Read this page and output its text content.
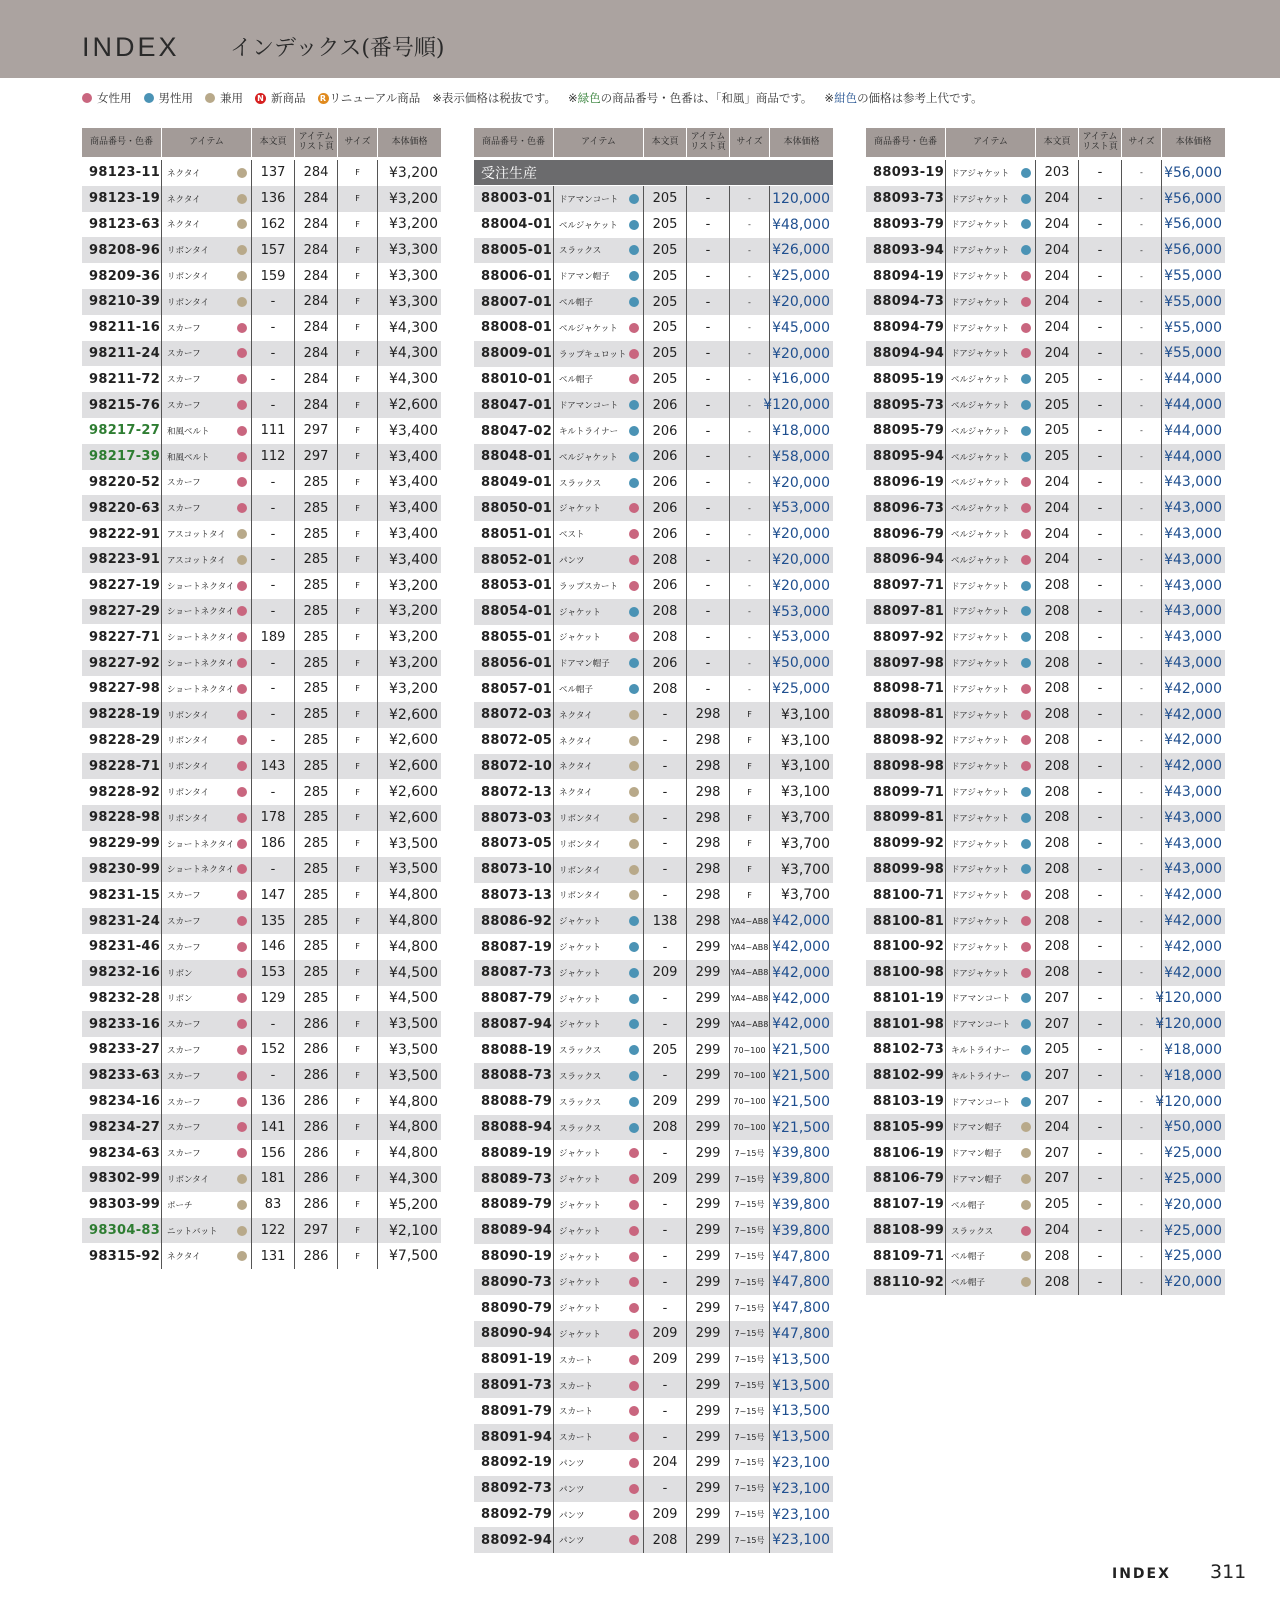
INDEX インデックス(番号順)
女性用 男性用 兼用 N 新商品	R リニューアル商品 ※表示価格は税抜です。 ※緑色の商品番号・色番は、「和風」商品です。 ※紺色の価格は参考上代です。
商品番号・色番	アイテム	本文頁	アイテム
リスト頁	サイズ	本体価格
98123-11 ネクタイ	137	284	F	¥3,200
98123-19 ネクタイ	136	284	F	¥3,200
98123-63 ネクタイ	162	284	F	¥3,200
98208-96 リボンタイ	157	284	F	¥3,300
98209-36 リボンタイ	159	284	F	¥3,300
98210-39 リボンタイ	-	284	F	¥3,300
98211-16 スカーフ	-	284	F	¥4,300
98211-24 スカーフ	-	284	F	¥4,300
98211-72 スカーフ	-	284	F	¥4,300
98215-76 スカーフ	-	284	F	¥2,600
98217-27 和風ベルト	111	297	F	¥3,400
98217-39 和風ベルト	112	297	F	¥3,400
98220-52 スカーフ	-	285	F	¥3,400
98220-63 スカーフ	-	285	F	¥3,400
98222-91 アスコットタイ	-	285	F	¥3,400
98223-91 アスコットタイ	-	285	F	¥3,400
98227-19 ショートネクタイ	-	285	F	¥3,200
98227-29 ショートネクタイ	-	285	F	¥3,200
98227-71 ショートネクタイ	189	285	F	¥3,200
98227-92 ショートネクタイ	-	285	F	¥3,200
98227-98 ショートネクタイ	-	285	F	¥3,200
98228-19 リボンタイ	-	285	F	¥2,600
98228-29 リボンタイ	-	285	F	¥2,600
98228-71 リボンタイ	143	285	F	¥2,600
98228-92 リボンタイ	-	285	F	¥2,600
98228-98 リボンタイ	178	285	F	¥2,600
98229-99 ショートネクタイ	186	285	F	¥3,500
98230-99 ショートネクタイ	-	285	F	¥3,500
98231-15 スカーフ	147	285	F	¥4,800
98231-24 スカーフ	135	285	F	¥4,800
98231-46 スカーフ	146	285	F	¥4,800
98232-16 リボン	153	285	F	¥4,500
98232-28 リボン	129	285	F	¥4,500
98233-16 スカーフ	-	286	F	¥3,500
98233-27 スカーフ	152	286	F	¥3,500
98233-63 スカーフ	-	286	F	¥3,500
98234-16 スカーフ	136	286	F	¥4,800
98234-27 スカーフ	141	286	F	¥4,800
98234-63 スカーフ	156	286	F	¥4,800
98302-99 リボンタイ	181	286	F	¥4,300
98303-99 ポーチ	83	286	F	¥5,200
98304-83 ニットバット	122	297	F	¥2,100
98315-92 ネクタイ	131	286	F	¥7,500
商品番号・色番	アイテム	本文頁	アイテム
リスト頁	サイズ	本体価格
受注生産
88003-01 ドアマンコート	205	-	-	120,000
88004-01 ベルジャケット	205	-	-	¥48,000
88005-01 スラックス	205	-	-	¥26,000
88006-01 ドアマン帽子	205	-	-	¥25,000
88007-01 ベル帽子	205	-	-	¥20,000
88008-01 ベルジャケット	205	-	-	¥45,000
88009-01 ラップキュロット	205	-	-	¥20,000
88010-01 ベル帽子	205	-	-	¥16,000
88047-01 ドアマンコート	206	-	- ¥120,000
88047-02 キルトライナー	206	-	-	¥18,000
88048-01 ベルジャケット	206	-	-	¥58,000
88049-01 スラックス	206	-	-	¥20,000
88050-01 ジャケット	206	-	-	¥53,000
88051-01 ベスト	206	-	-	¥20,000
88052-01 パンツ	208	-	-	¥20,000
88053-01 ラップスカート	206	-	-	¥20,000
88054-01 ジャケット	208	-	-	¥53,000
88055-01 ジャケット	208	-	-	¥53,000
88056-01 ドアマン帽子	206	-	-	¥50,000
88057-01 ベル帽子	208	-	-	¥25,000
88072-03 ネクタイ	-	298	F	¥3,100
88072-05 ネクタイ	-	298	F	¥3,100
88072-10 ネクタイ	-	298	F	¥3,100
88072-13 ネクタイ	-	298	F	¥3,100
88073-03 リボンタイ	-	298	F	¥3,700
88073-05 リボンタイ	-	298	F	¥3,700
88073-10 リボンタイ	-	298	F	¥3,700
88073-13 リボンタイ	-	298	F	¥3,700
88086-92 ジャケット	138	298	YA4~AB8 ¥42,000
88087-19 ジャケット	-	299	YA4~AB8 ¥42,000
88087-73 ジャケット	209	299	YA4~AB8 ¥42,000
88087-79 ジャケット	-	299	YA4~AB8 ¥42,000
88087-94 ジャケット	-	299	YA4~AB8 ¥42,000
88088-19 スラックス	205	299	70~100 ¥21,500
88088-73 スラックス	-	299	70~100 ¥21,500
88088-79 スラックス	209	299	70~100 ¥21,500
88088-94 スラックス	208	299	70~100 ¥21,500
88089-19 ジャケット	-	299	7~15号 ¥39,800
88089-73 ジャケット	209	299	7~15号 ¥39,800
88089-79 ジャケット	-	299	7~15号 ¥39,800
88089-94 ジャケット	-	299	7~15号 ¥39,800
88090-19 ジャケット	-	299	7~15号 ¥47,800
88090-73 ジャケット	-	299	7~15号 ¥47,800
88090-79 ジャケット	-	299	7~15号 ¥47,800
88090-94 ジャケット	209	299	7~15号 ¥47,800
88091-19 スカート	209	299	7~15号 ¥13,500
88091-73 スカート	-	299	7~15号 ¥13,500
88091-79 スカート	-	299	7~15号 ¥13,500
88091-94 スカート	-	299	7~15号 ¥13,500
88092-19 パンツ	204	299	7~15号 ¥23,100
88092-73 パンツ	-	299	7~15号 ¥23,100
88092-79 パンツ	209	299	7~15号 ¥23,100
88092-94 パンツ	208	299	7~15号 ¥23,100
商品番号・色番	アイテム	本文頁	アイテム
リスト頁	サイズ	本体価格
88093-19 ドアジャケット	203	-	-	¥56,000
88093-73 ドアジャケット	204	-	-	¥56,000
88093-79 ドアジャケット	204	-	-	¥56,000
88093-94 ドアジャケット	204	-	-	¥56,000
88094-19 ドアジャケット	204	-	-	¥55,000
88094-73 ドアジャケット	204	-	-	¥55,000
88094-79 ドアジャケット	204	-	-	¥55,000
88094-94 ドアジャケット	204	-	-	¥55,000
88095-19 ベルジャケット	205	-	-	¥44,000
88095-73 ベルジャケット	205	-	-	¥44,000
88095-79 ベルジャケット	205	-	-	¥44,000
88095-94 ベルジャケット	205	-	-	¥44,000
88096-19 ベルジャケット	204	-	-	¥43,000
88096-73 ベルジャケット	204	-	-	¥43,000
88096-79 ベルジャケット	204	-	-	¥43,000
88096-94 ベルジャケット	204	-	-	¥43,000
88097-71 ドアジャケット	208	-	-	¥43,000
88097-81 ドアジャケット	208	-	-	¥43,000
88097-92 ドアジャケット	208	-	-	¥43,000
88097-98 ドアジャケット	208	-	-	¥43,000
88098-71 ドアジャケット	208	-	-	¥42,000
88098-81 ドアジャケット	208	-	-	¥42,000
88098-92 ドアジャケット	208	-	-	¥42,000
88098-98 ドアジャケット	208	-	-	¥42,000
88099-71 ドアジャケット	208	-	-	¥43,000
88099-81 ドアジャケット	208	-	-	¥43,000
88099-92 ドアジャケット	208	-	-	¥43,000
88099-98 ドアジャケット	208	-	-	¥43,000
88100-71 ドアジャケット	208	-	-	¥42,000
88100-81 ドアジャケット	208	-	-	¥42,000
88100-92 ドアジャケット	208	-	-	¥42,000
88100-98 ドアジャケット	208	-	-	¥42,000
88101-19 ドアマンコート	207	-	- ¥120,000
88101-98 ドアマンコート	207	-	- ¥120,000
88102-73 キルトライナー	205	-	-	¥18,000
88102-99 キルトライナー	207	-	-	¥18,000
88103-19 ドアマンコート	207	-	- ¥120,000
88105-99 ドアマン帽子	204	-	-	¥50,000
88106-19 ドアマン帽子	207	-	-	¥25,000
88106-79 ドアマン帽子	207	-	-	¥25,000
88107-19 ベル帽子	205	-	-	¥20,000
88108-99 スラックス	204	-	-	¥25,000
88109-71 ベル帽子	208	-	-	¥25,000
88110-92 ベル帽子	208	-	-	¥20,000
INDEX 311
